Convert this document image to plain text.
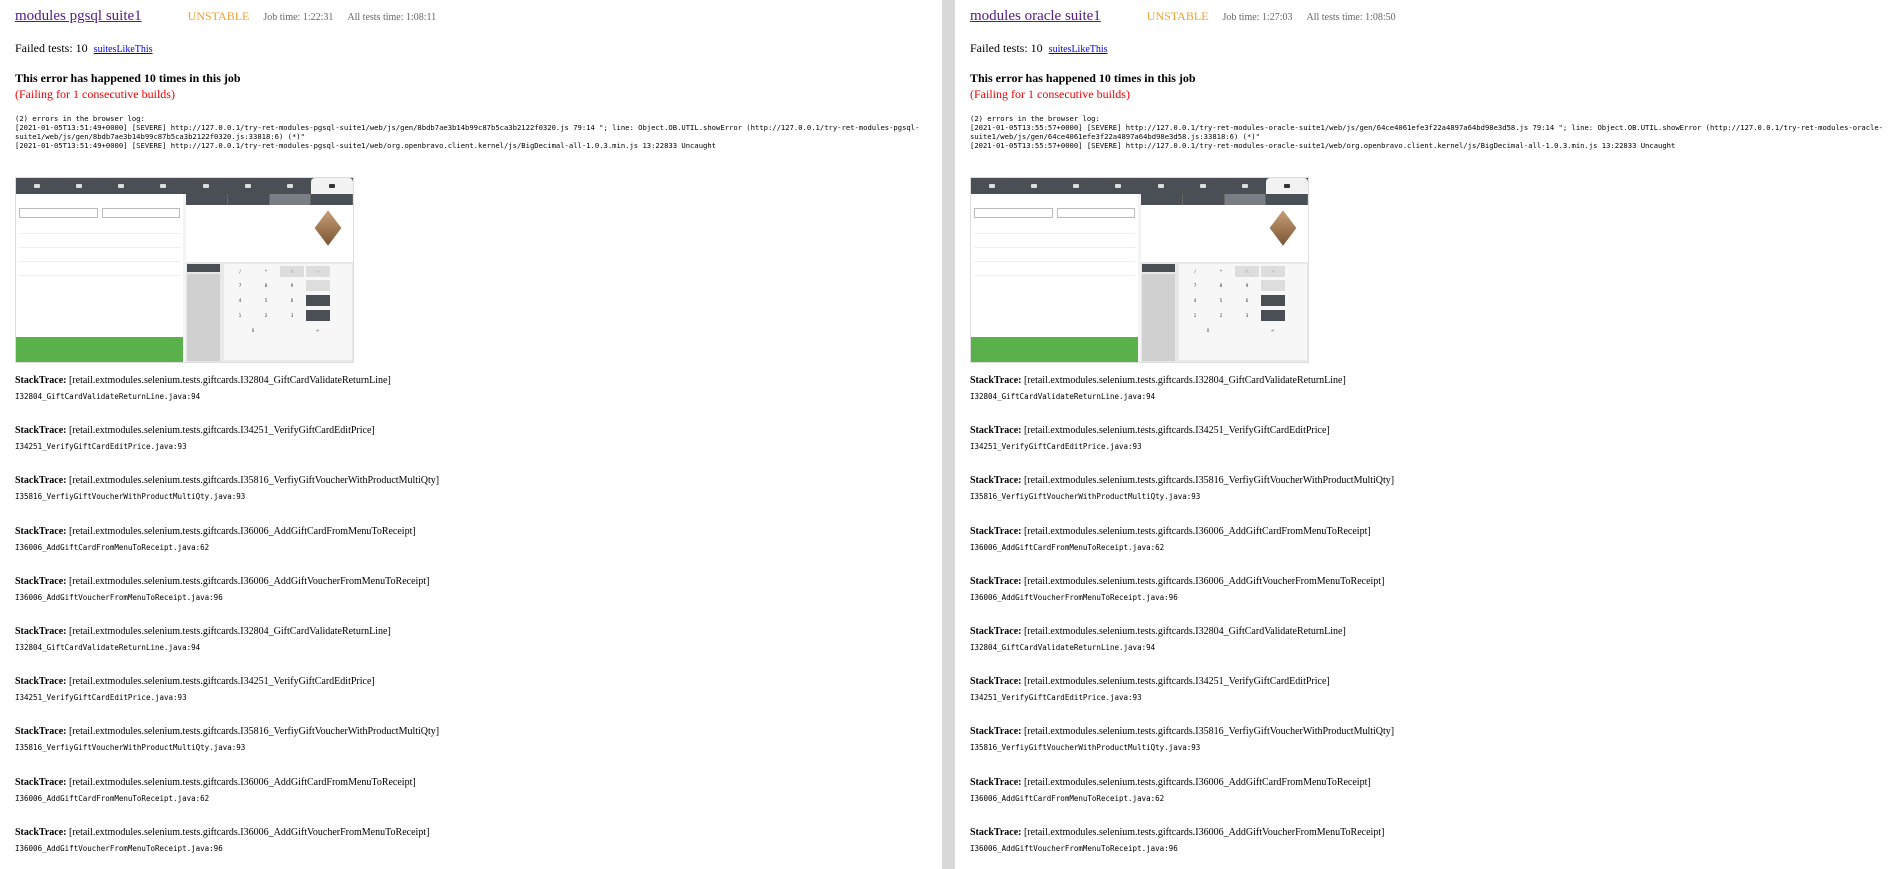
modules pgsql suite1	UNSTABLE Job time: 1:22:31 All tests time: 1:08:11
Failed tests: 10 suitesLikeThis
This error has happened 10 times in this job
(Failing for 1 consecutive builds)
(2) errors in the browser log:
[2021-01-05T13:51:49+0000] [SEVERE] http://127.0.0.1/try-ret-modules-pgsql-suite1/web/js/gen/8bdb7ae3b14b99c87b5ca3b2122f0320.js 79:14 "; line: Object.OB.UTIL.showError (http://127.0.0.1/try-ret-modules-pgsql-suite1/web/js/gen/8bdb7ae3b14b99c87b5ca3b2122f0320.js:33818:6) (*)"
[2021-01-05T13:51:49+0000] [SEVERE] http://127.0.0.1/try-ret-modules-pgsql-suite1/web/org.openbravo.client.kernel/js/BigDecimal-all-1.0.3.min.js 13:22833 Uncaught
/	*	%	+
7	8	9
4	5	6
1	2	3
0	↵
StackTrace: [retail.extmodules.selenium.tests.giftcards.I32804_GiftCardValidateReturnLine]
I32804_GiftCardValidateReturnLine.java:94
StackTrace: [retail.extmodules.selenium.tests.giftcards.I34251_VerifyGiftCardEditPrice]
I34251_VerifyGiftCardEditPrice.java:93
StackTrace: [retail.extmodules.selenium.tests.giftcards.I35816_VerfiyGiftVoucherWithProductMultiQty]
I35816_VerfiyGiftVoucherWithProductMultiQty.java:93
StackTrace: [retail.extmodules.selenium.tests.giftcards.I36006_AddGiftCardFromMenuToReceipt]
I36006_AddGiftCardFromMenuToReceipt.java:62
StackTrace: [retail.extmodules.selenium.tests.giftcards.I36006_AddGiftVoucherFromMenuToReceipt]
I36006_AddGiftVoucherFromMenuToReceipt.java:96
StackTrace: [retail.extmodules.selenium.tests.giftcards.I32804_GiftCardValidateReturnLine]
I32804_GiftCardValidateReturnLine.java:94
StackTrace: [retail.extmodules.selenium.tests.giftcards.I34251_VerifyGiftCardEditPrice]
I34251_VerifyGiftCardEditPrice.java:93
StackTrace: [retail.extmodules.selenium.tests.giftcards.I35816_VerfiyGiftVoucherWithProductMultiQty]
I35816_VerfiyGiftVoucherWithProductMultiQty.java:93
StackTrace: [retail.extmodules.selenium.tests.giftcards.I36006_AddGiftCardFromMenuToReceipt]
I36006_AddGiftCardFromMenuToReceipt.java:62
StackTrace: [retail.extmodules.selenium.tests.giftcards.I36006_AddGiftVoucherFromMenuToReceipt]
I36006_AddGiftVoucherFromMenuToReceipt.java:96
modules oracle suite1	UNSTABLE Job time: 1:27:03 All tests time: 1:08:50
Failed tests: 10 suitesLikeThis
This error has happened 10 times in this job
(Failing for 1 consecutive builds)
(2) errors in the browser log:
[2021-01-05T13:55:57+0000] [SEVERE] http://127.0.0.1/try-ret-modules-oracle-suite1/web/js/gen/64ce4061efe3f22a4897a64bd98e3d58.js 79:14 "; line: Object.OB.UTIL.showError (http://127.0.0.1/try-ret-modules-oracle-suite1/web/js/gen/64ce4061efe3f22a4897a64bd98e3d58.js:33818:6) (*)"
[2021-01-05T13:55:57+0000] [SEVERE] http://127.0.0.1/try-ret-modules-oracle-suite1/web/org.openbravo.client.kernel/js/BigDecimal-all-1.0.3.min.js 13:22833 Uncaught
/	*	%	+
7	8	9
4	5	6
1	2	3
0	↵
StackTrace: [retail.extmodules.selenium.tests.giftcards.I32804_GiftCardValidateReturnLine]
I32804_GiftCardValidateReturnLine.java:94
StackTrace: [retail.extmodules.selenium.tests.giftcards.I34251_VerifyGiftCardEditPrice]
I34251_VerifyGiftCardEditPrice.java:93
StackTrace: [retail.extmodules.selenium.tests.giftcards.I35816_VerfiyGiftVoucherWithProductMultiQty]
I35816_VerfiyGiftVoucherWithProductMultiQty.java:93
StackTrace: [retail.extmodules.selenium.tests.giftcards.I36006_AddGiftCardFromMenuToReceipt]
I36006_AddGiftCardFromMenuToReceipt.java:62
StackTrace: [retail.extmodules.selenium.tests.giftcards.I36006_AddGiftVoucherFromMenuToReceipt]
I36006_AddGiftVoucherFromMenuToReceipt.java:96
StackTrace: [retail.extmodules.selenium.tests.giftcards.I32804_GiftCardValidateReturnLine]
I32804_GiftCardValidateReturnLine.java:94
StackTrace: [retail.extmodules.selenium.tests.giftcards.I34251_VerifyGiftCardEditPrice]
I34251_VerifyGiftCardEditPrice.java:93
StackTrace: [retail.extmodules.selenium.tests.giftcards.I35816_VerfiyGiftVoucherWithProductMultiQty]
I35816_VerfiyGiftVoucherWithProductMultiQty.java:93
StackTrace: [retail.extmodules.selenium.tests.giftcards.I36006_AddGiftCardFromMenuToReceipt]
I36006_AddGiftCardFromMenuToReceipt.java:62
StackTrace: [retail.extmodules.selenium.tests.giftcards.I36006_AddGiftVoucherFromMenuToReceipt]
I36006_AddGiftVoucherFromMenuToReceipt.java:96
